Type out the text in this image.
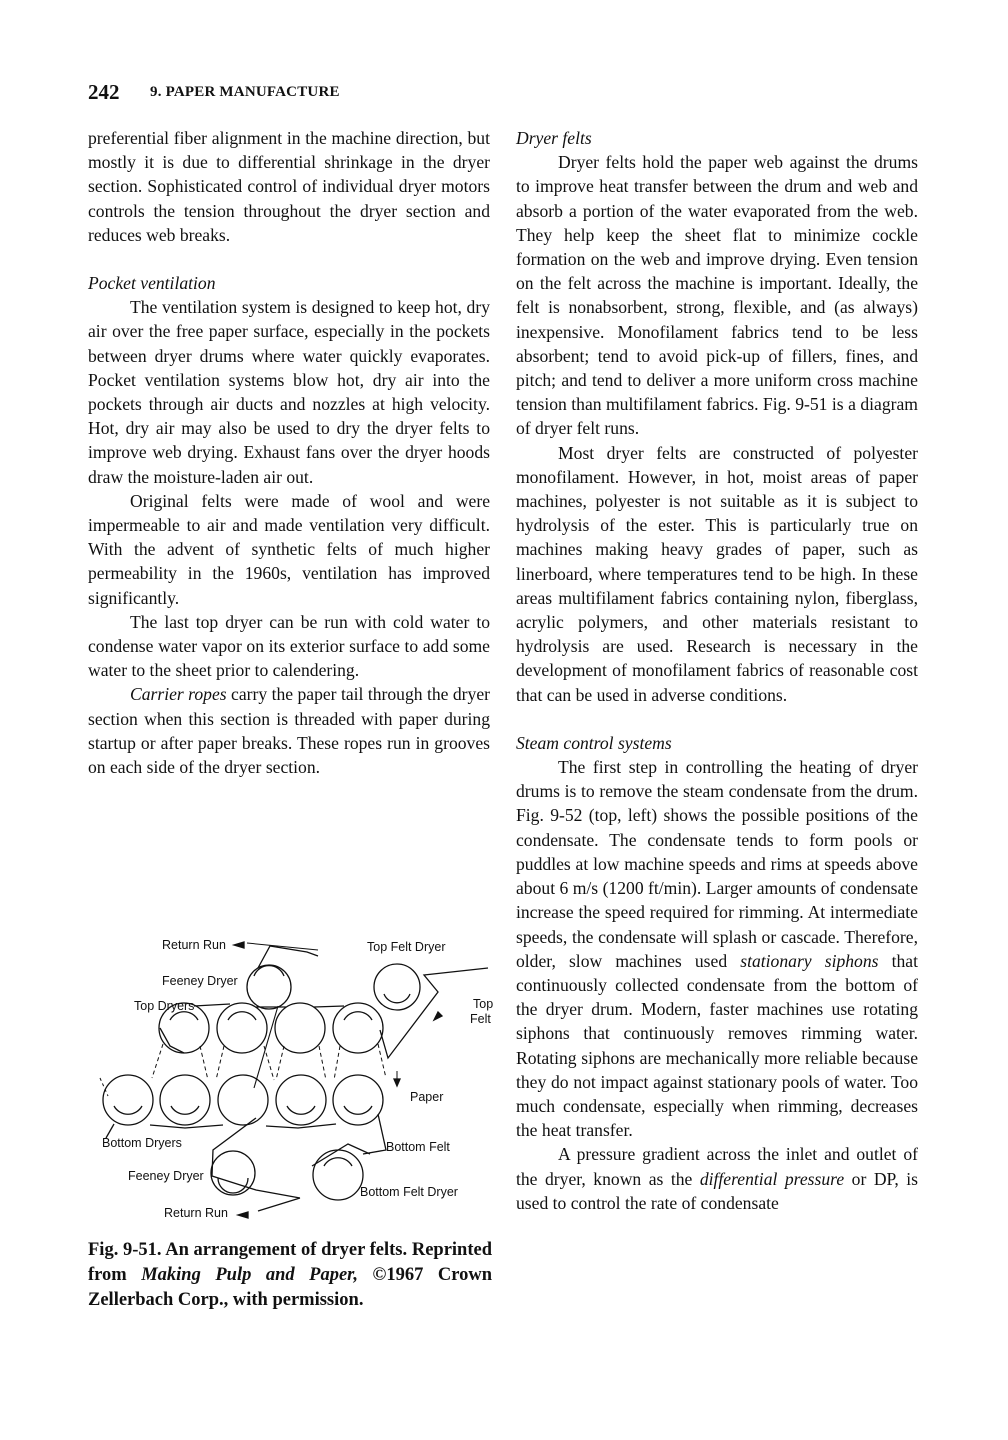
242 9. PAPER MANUFACTURE

preferential fiber alignment in the machine direction, but mostly it is due to differential shrinkage in the dryer section. Sophisticated control of individual dryer motors controls the tension throughout the dryer section and reduces web breaks.

Pocket ventilation

The ventilation system is designed to keep hot, dry air over the free paper surface, especially in the pockets between dryer drums where water quickly evaporates. Pocket ventilation systems blow hot, dry air into the pockets through air ducts and nozzles at high velocity. Hot, dry air may also be used to dry the dryer felts to improve web drying. Exhaust fans over the dryer hoods draw the moisture-laden air out.

Original felts were made of wool and were impermeable to air and made ventilation very difficult. With the advent of synthetic felts of much higher permeability in the 1960s, ventilation has improved significantly.

The last top dryer can be run with cold water to condense water vapor on its exterior surface to add some water to the sheet prior to calendering.

Carrier ropes carry the paper tail through the dryer section when this section is threaded with paper during startup or after paper breaks. These ropes run in grooves on each side of the dryer section.

Return Run	Top Felt Dryer
Feeney Dryer
Top Dryers	Top
Felt
Paper
Bottom Dryers	Bottom Felt
Feeney Dryer
Bottom Felt Dryer
Return Run
Fig. 9-51. An arrangement of dryer felts. Reprinted from Making Pulp and Paper, ©1967 Crown Zellerbach Corp., with permission.
Dryer felts

Dryer felts hold the paper web against the drums to improve heat transfer between the drum and web and absorb a portion of the water evaporated from the web. They help keep the sheet flat to minimize cockle formation on the web and improve drying. Even tension on the felt across the machine is important. Ideally, the felt is nonabsorbent, strong, flexible, and (as always) inexpensive. Monofilament fabrics tend to be less absorbent; tend to avoid pick-up of fillers, fines, and pitch; and tend to deliver a more uniform cross machine tension than multifilament fabrics. Fig. 9-51 is a diagram of dryer felt runs.

Most dryer felts are constructed of polyester monofilament. However, in hot, moist areas of paper machines, polyester is not suitable as it is subject to hydrolysis of the ester. This is particularly true on machines making heavy grades of paper, such as linerboard, where temperatures tend to be high. In these areas multifilament fabrics containing nylon, fiberglass, acrylic polymers, and other materials resistant to hydrolysis are used. Research is necessary in the development of monofilament fabrics of reasonable cost that can be used in adverse conditions.

Steam control systems

The first step in controlling the heating of dryer drums is to remove the steam condensate from the drum. Fig. 9-52 (top, left) shows the possible positions of the condensate. The condensate tends to form pools or puddles at low machine speeds and rims at speeds above about 6 m/s (1200 ft/min). Larger amounts of condensate increase the speed required for rimming. At intermediate speeds, the condensate will splash or cascade. Therefore, older, slow machines used stationary siphons that continuously collected condensate from the bottom of the dryer drum. Modern, faster machines use rotating siphons that continuously removes rimming water. Rotating siphons are mechanically more reliable because they do not impact against stationary pools of water. Too much condensate, especially when rimming, decreases the heat transfer.

A pressure gradient across the inlet and outlet of the dryer, known as the differential pressure or DP, is used to control the rate of condensate
